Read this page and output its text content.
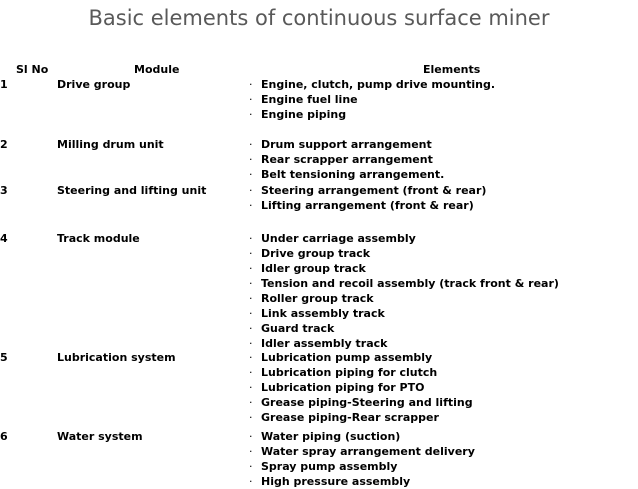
Basic elements of continuous surface miner
Sl No	Module	Elements
1	Drive group	· Engine, clutch, pump drive mounting.
· Engine fuel line
· Engine piping
2	Milling drum unit	· Drum support arrangement
· Rear scrapper arrangement
· Belt tensioning arrangement.
3	Steering and lifting unit	· Steering arrangement (front & rear)
· Lifting arrangement (front & rear)
4	Track module	· Under carriage assembly
· Drive group track
· Idler group track
· Tension and recoil assembly (track front & rear)
· Roller group track
· Link assembly track
· Guard track
· Idler assembly track
5	Lubrication system	· Lubrication pump assembly
· Lubrication piping for clutch
· Lubrication piping for PTO
· Grease piping-Steering and lifting
· Grease piping-Rear scrapper
6	Water system	· Water piping (suction)
· Water spray arrangement delivery
· Spray pump assembly
· High pressure assembly
